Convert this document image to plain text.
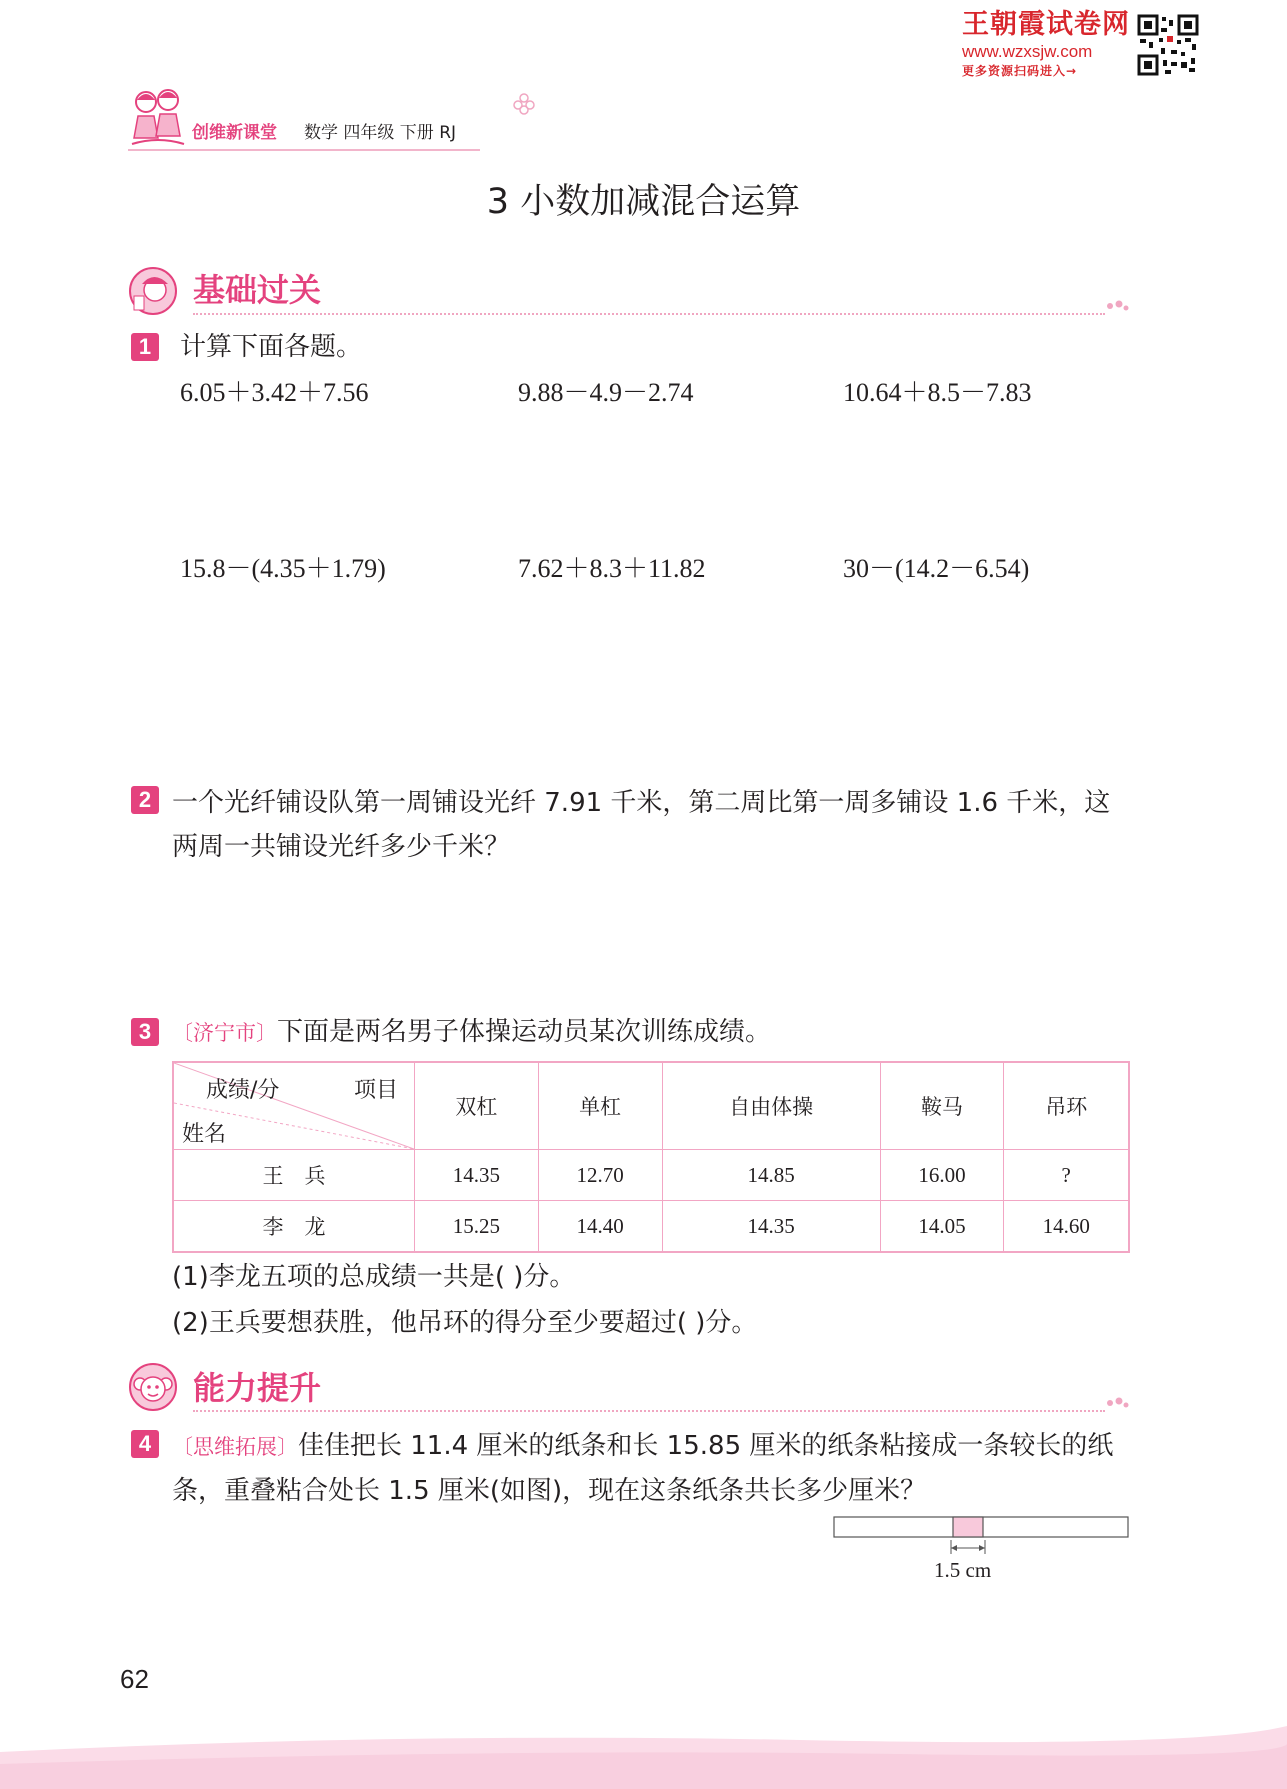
王朝霞试卷网
www.wzxsjw.com
更多资源扫码进入→
创维新课堂 数学 四年级 下册 RJ
3 小数加减混合运算
基础过关
1	计算下面各题。
6.05＋3.42＋7.56	9.88－4.9－2.74	10.64＋8.5－7.83
15.8－(4.35＋1.79)	7.62＋8.3＋11.82	30－(14.2－6.54)
2 一个光纤铺设队第一周铺设光纤 7.91 千米，第二周比第一周多铺设 1.6 千米，这两周一共铺设光纤多少千米？
3 〔济宁市〕下面是两名男子体操运动员某次训练成绩。
成绩/分 项目
姓名	双杠	单杠	自由体操	鞍马	吊环
王　兵	14.35	12.70	14.85	16.00	?
李　龙	15.25	14.40	14.35	14.05	14.60
(1)李龙五项的总成绩一共是( )分。
(2)王兵要想获胜，他吊环的得分至少要超过( )分。
能力提升
4 〔思维拓展〕佳佳把长 11.4 厘米的纸条和长 15.85 厘米的纸条粘接成一条较长的纸条，重叠粘合处长 1.5 厘米(如图)，现在这条纸条共长多少厘米？
1.5 cm
62
